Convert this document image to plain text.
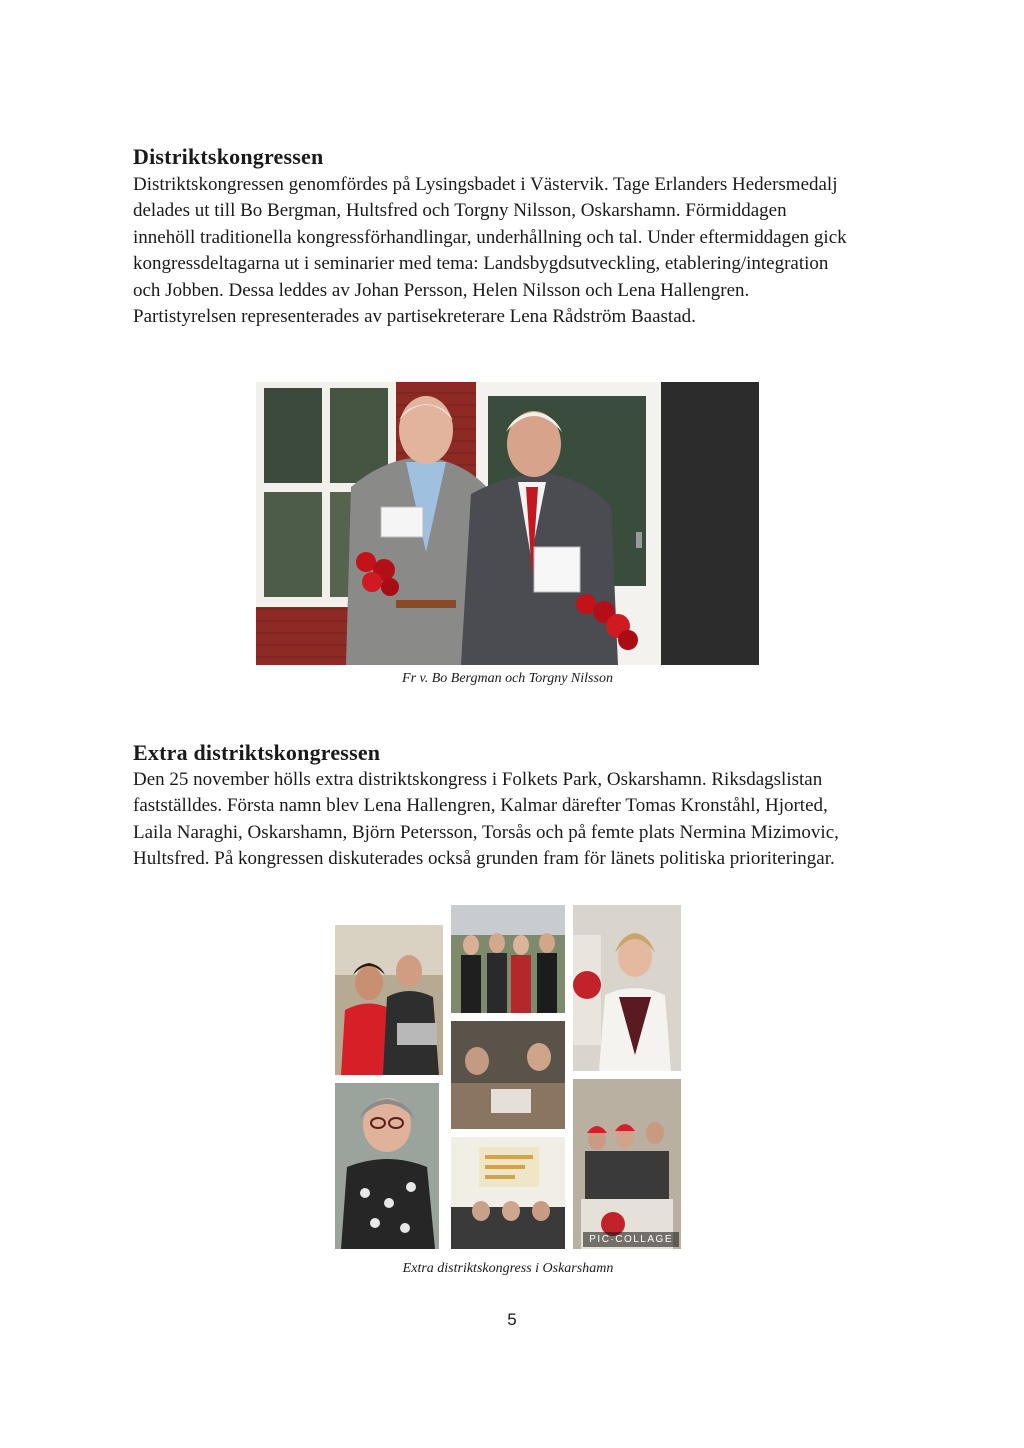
Distriktskongressen

Distriktskongressen genomfördes på Lysingsbadet i Västervik. Tage Erlanders Hedersmedalj
delades ut till Bo Bergman, Hultsfred och Torgny Nilsson, Oskarshamn. Förmiddagen
innehöll traditionella kongressförhandlingar, underhållning och tal. Under eftermiddagen gick
kongressdeltagarna ut i seminarier med tema: Landsbygdsutveckling, etablering/integration
och Jobben. Dessa leddes av Johan Persson, Helen Nilsson och Lena Hallengren.
Partistyrelsen representerades av partisekreterare Lena Rådström Baastad.

Fr v. Bo Bergman och Torgny Nilsson

Extra distriktskongressen

Den 25 november hölls extra distriktskongress i Folkets Park, Oskarshamn. Riksdagslistan
fastställdes. Första namn blev Lena Hallengren, Kalmar därefter Tomas Kronståhl, Hjorted,
Laila Naraghi, Oskarshamn, Björn Petersson, Torsås och på femte plats Nermina Mizimovic,
Hultsfred. På kongressen diskuterades också grunden fram för länets politiska prioriteringar.

PIC·COLLAGE

Extra distriktskongress i Oskarshamn

5
